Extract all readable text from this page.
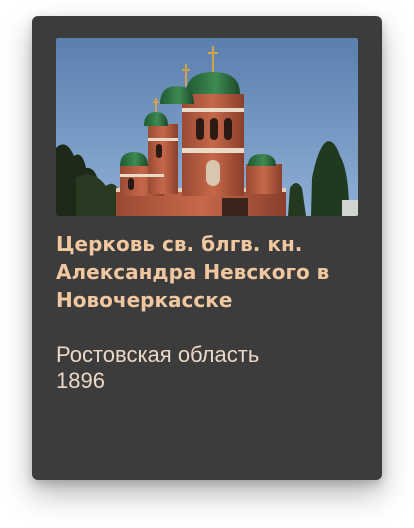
Церковь св. блгв. кн. Александра Невского в Новочеркасске
Ростовская область
1896
